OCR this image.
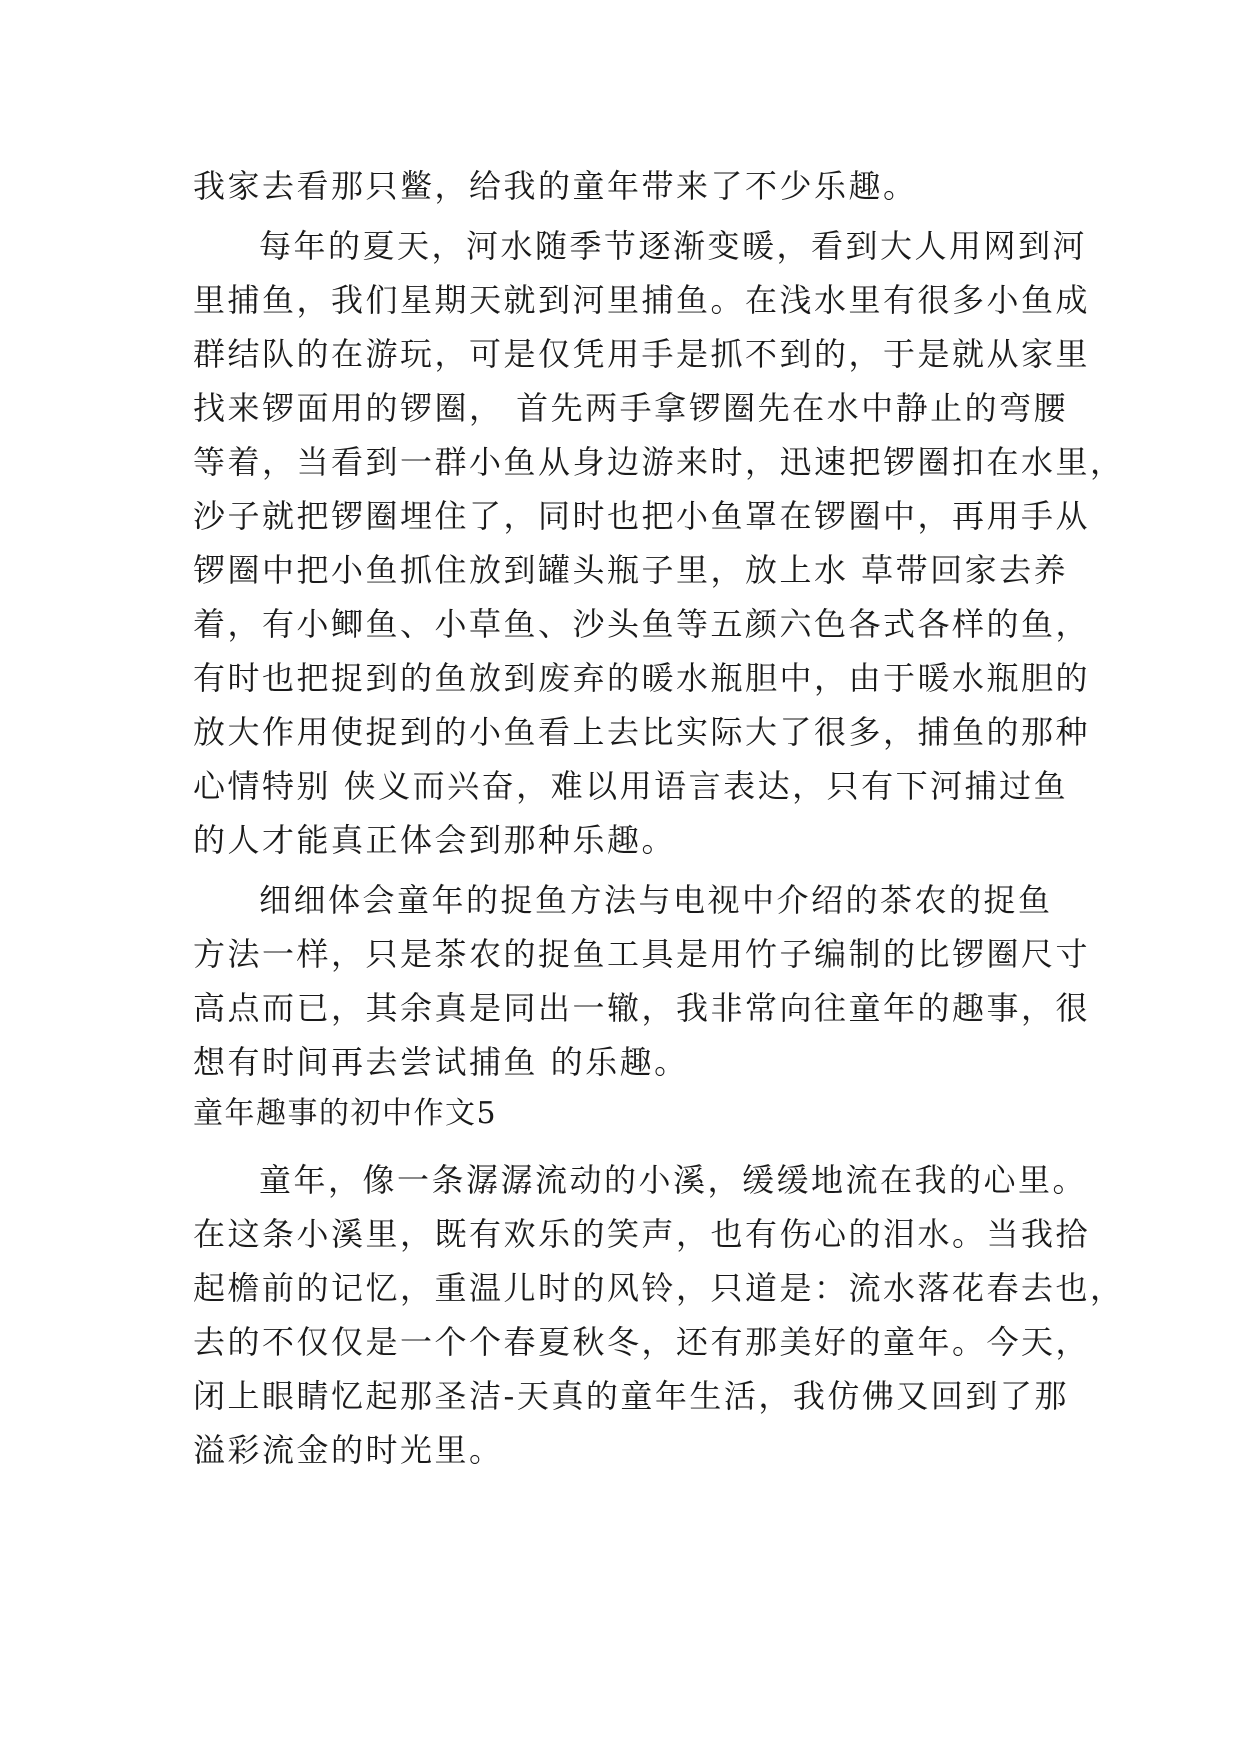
我家去看那只鳖，给我的童年带来了不少乐趣。
每年的夏天，河水随季节逐渐变暖，看到大人用网到河
里捕鱼，我们星期天就到河里捕鱼。在浅水里有很多小鱼成
群结队的在游玩，可是仅凭用手是抓不到的，于是就从家里
找来锣面用的锣圈， 首先两手拿锣圈先在水中静止的弯腰
等着，当看到一群小鱼从身边游来时，迅速把锣圈扣在水里，
沙子就把锣圈埋住了，同时也把小鱼罩在锣圈中，再用手从
锣圈中把小鱼抓住放到罐头瓶子里，放上水 草带回家去养
着，有小鲫鱼、小草鱼、沙头鱼等五颜六色各式各样的鱼，
有时也把捉到的鱼放到废弃的暖水瓶胆中，由于暖水瓶胆的
放大作用使捉到的小鱼看上去比实际大了很多，捕鱼的那种
心情特别 侠义而兴奋，难以用语言表达，只有下河捕过鱼
的人才能真正体会到那种乐趣。
细细体会童年的捉鱼方法与电视中介绍的茶农的捉鱼
方法一样，只是茶农的捉鱼工具是用竹子编制的比锣圈尺寸
高点而已，其余真是同出一辙，我非常向往童年的趣事，很
想有时间再去尝试捕鱼 的乐趣。
童年趣事的初中作文5
童年，像一条潺潺流动的小溪，缓缓地流在我的心里。
在这条小溪里，既有欢乐的笑声，也有伤心的泪水。当我拾
起檐前的记忆，重温儿时的风铃，只道是：流水落花春去也，
去的不仅仅是一个个春夏秋冬，还有那美好的童年。今天，
闭上眼睛忆起那圣洁-天真的童年生活，我仿佛又回到了那
溢彩流金的时光里。
